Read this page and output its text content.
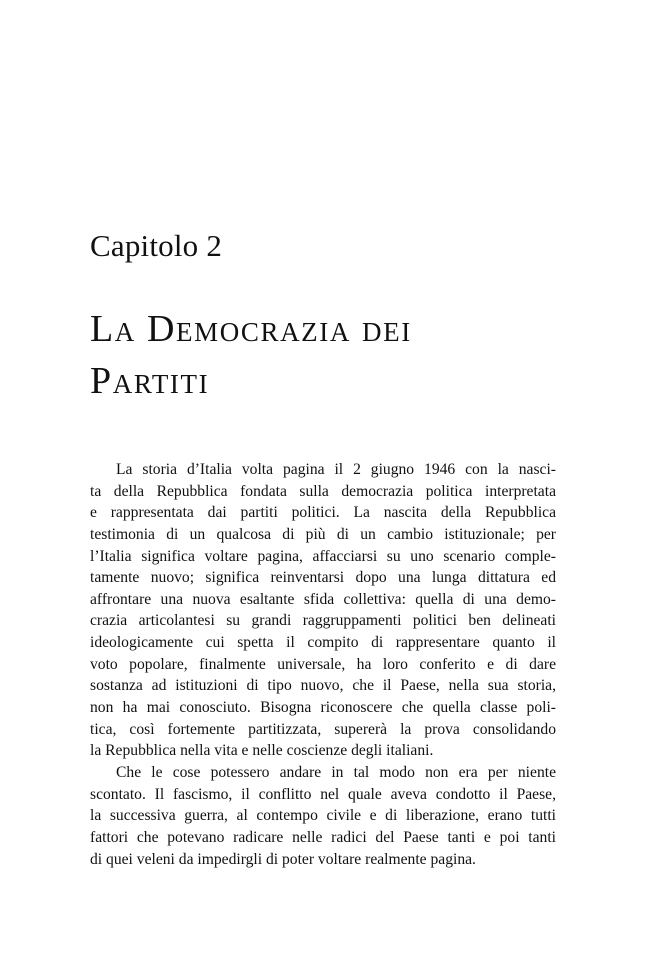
Capitolo 2
La Democrazia dei
Partiti
La storia d’Italia volta pagina il 2 giugno 1946 con la nasci-
ta della Repubblica fondata sulla democrazia politica interpretata
e rappresentata dai partiti politici. La nascita della Repubblica
testimonia di un qualcosa di più di un cambio istituzionale; per
l’Italia significa voltare pagina, affacciarsi su uno scenario comple-
tamente nuovo; significa reinventarsi dopo una lunga dittatura ed
affrontare una nuova esaltante sfida collettiva: quella di una demo-
crazia articolantesi su grandi raggruppamenti politici ben delineati
ideologicamente cui spetta il compito di rappresentare quanto il
voto popolare, finalmente universale, ha loro conferito e di dare
sostanza ad istituzioni di tipo nuovo, che il Paese, nella sua storia,
non ha mai conosciuto. Bisogna riconoscere che quella classe poli-
tica, così fortemente partitizzata, supererà la prova consolidando
la Repubblica nella vita e nelle coscienze degli italiani.
Che le cose potessero andare in tal modo non era per niente
scontato. Il fascismo, il conflitto nel quale aveva condotto il Paese,
la successiva guerra, al contempo civile e di liberazione, erano tutti
fattori che potevano radicare nelle radici del Paese tanti e poi tanti
di quei veleni da impedirgli di poter voltare realmente pagina.
